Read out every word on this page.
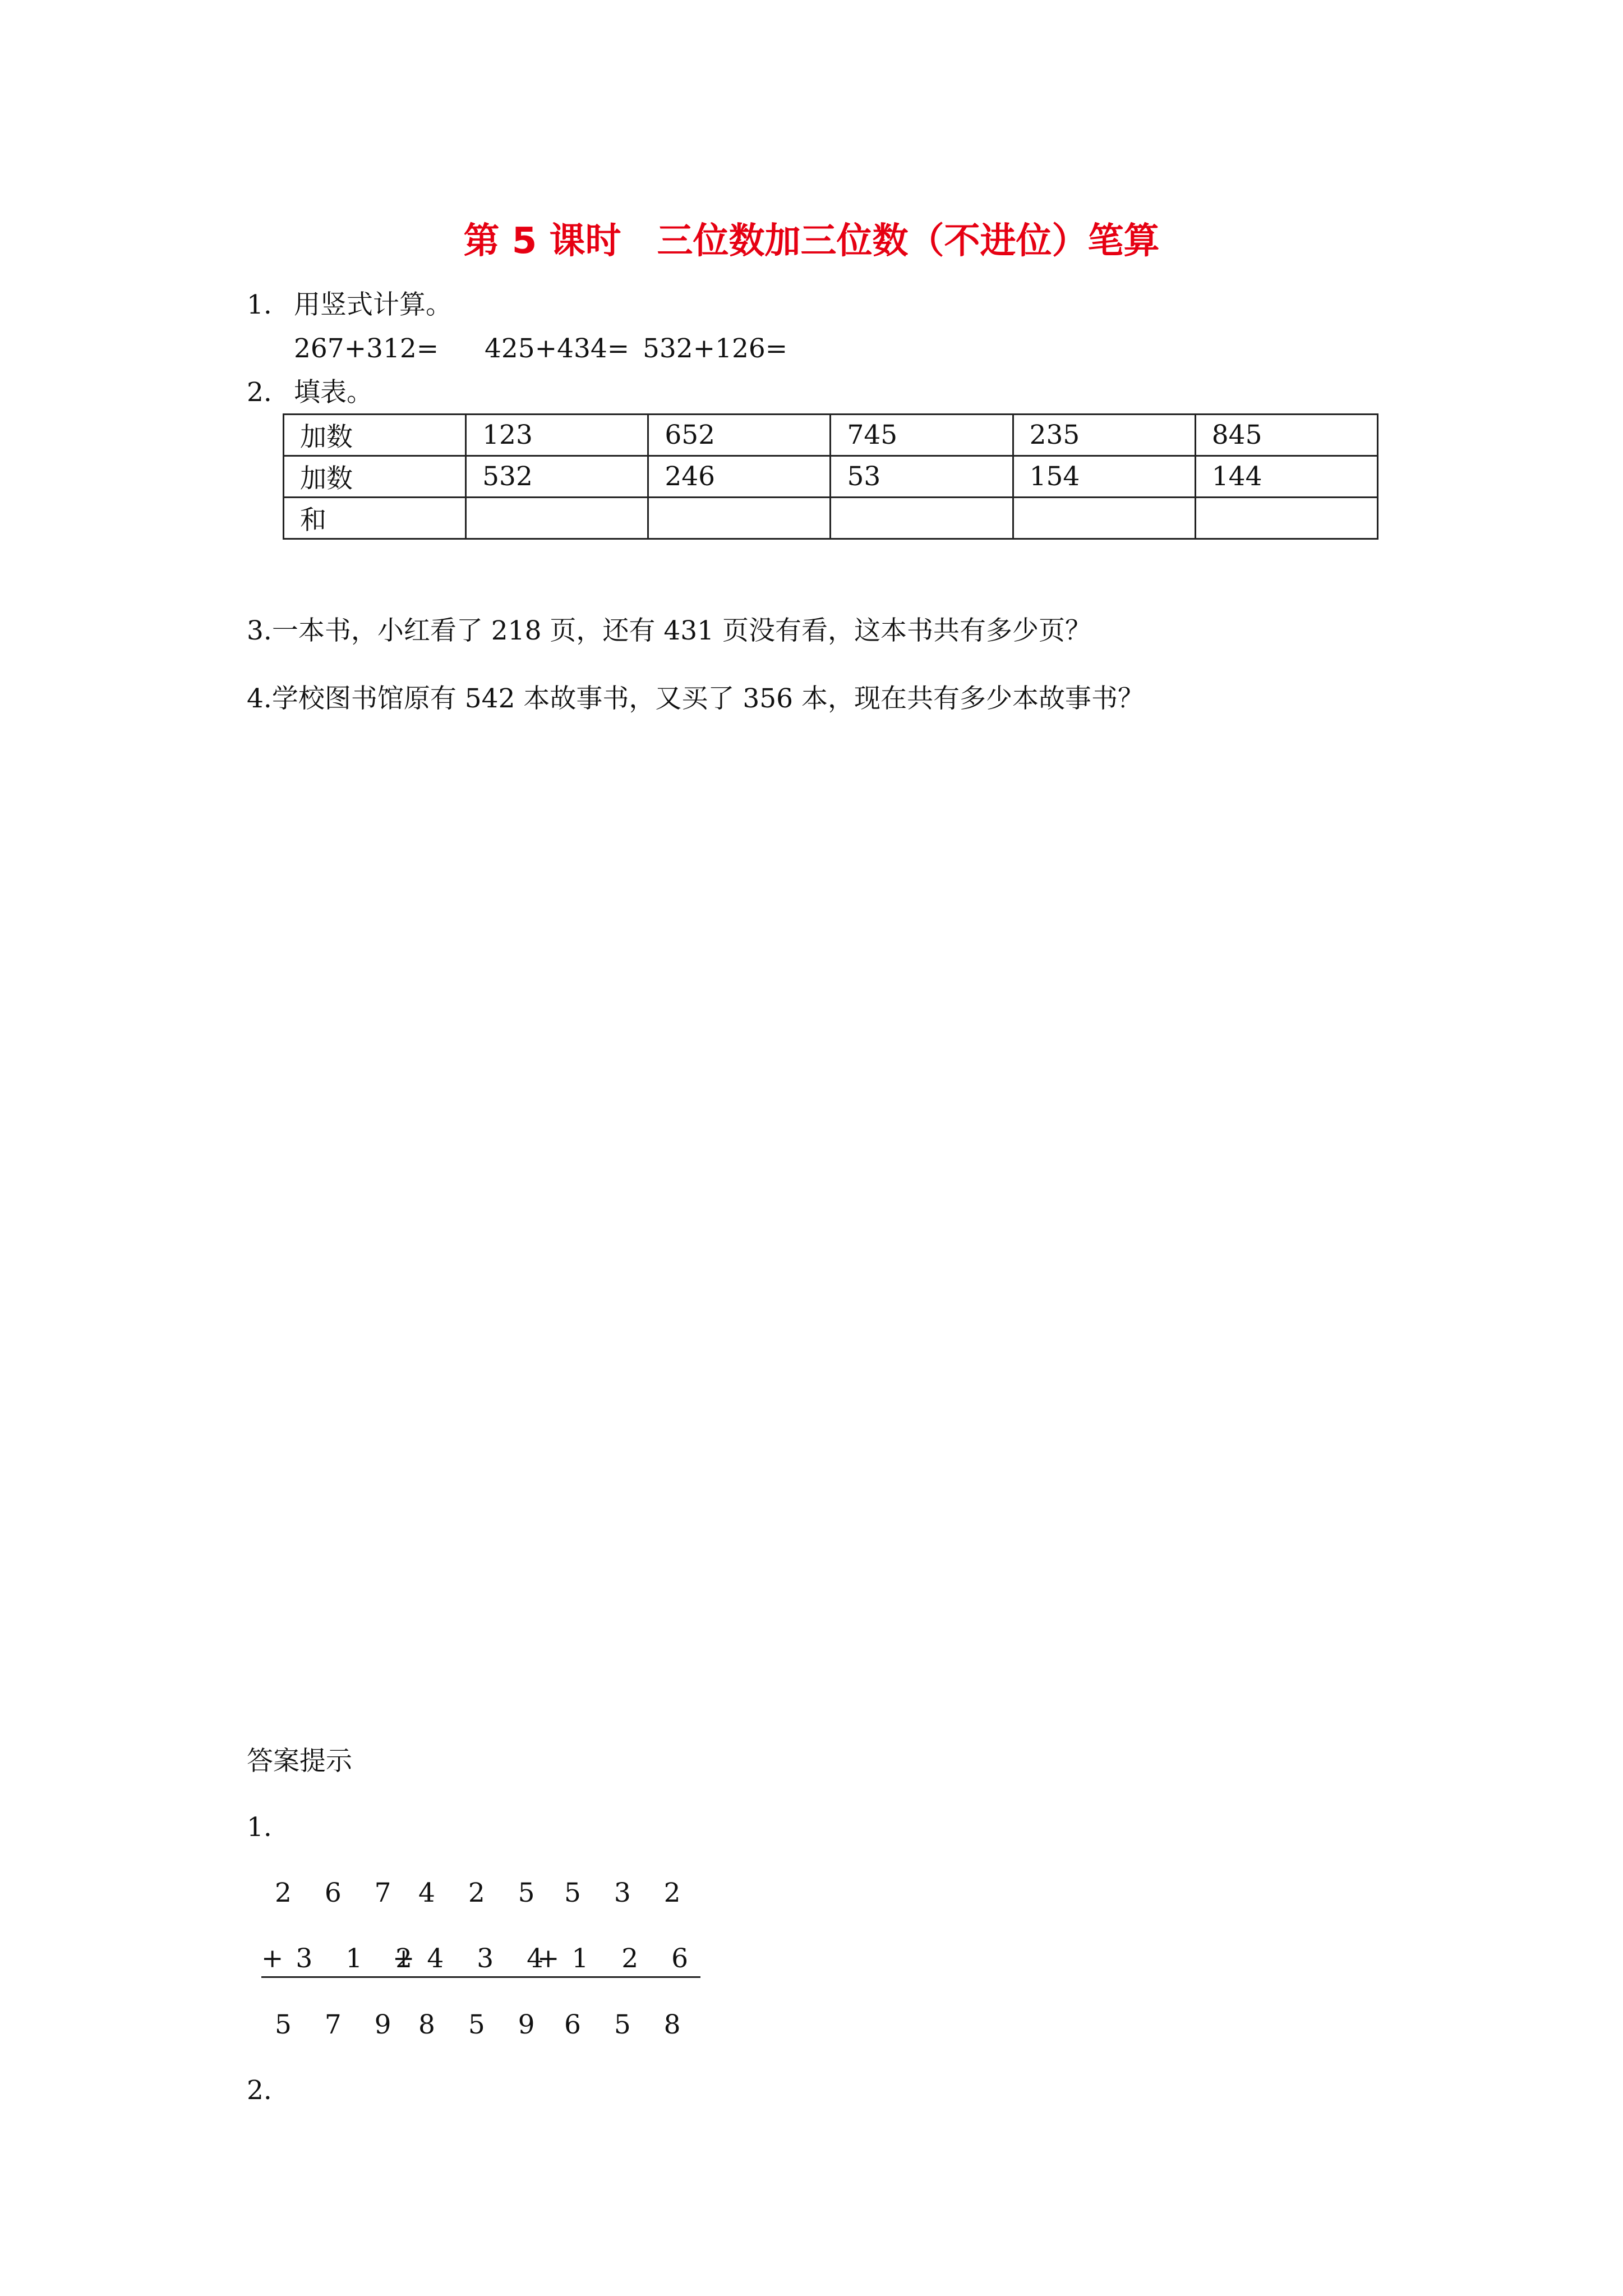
第 5 课时　三位数加三位数（不进位）笔算
1. 用竖式计算。
267+312= 425+434= 532+126=
2. 填表。
加数	123	652	745	235	845
加数	532	246	53	154	144
和					
3.一本书，小红看了 218 页，还有 431 页没有看，这本书共有多少页？
4.学校图书馆原有 542 本故事书，又买了 356 本，现在共有多少本故事书？
答案提示
1.
2 6 7
+3 1 2
5 7 9
4 2 5
+4 3 4
8 5 9
5 3 2
+1 2 6
6 5 8
2.
